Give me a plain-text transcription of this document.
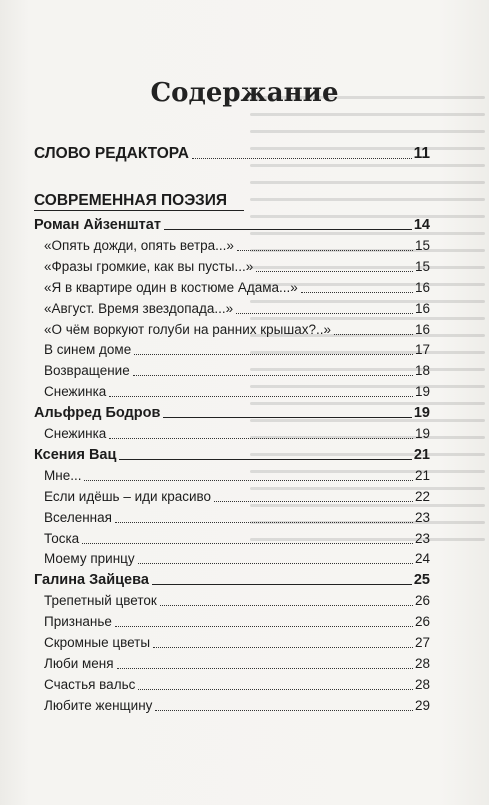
Содержание
СЛОВО РЕДАКТОРА	11
СОВРЕМЕННАЯ ПОЭЗИЯ
Роман Айзенштат	14
«Опять дожди, опять ветра...»	15
«Фразы громкие, как вы пусты...»	15
«Я в квартире один в костюме Адама...»	16
«Август. Время звездопада...»	16
«О чём воркуют голуби на ранних крышах?..»	16
В синем доме	17
Возвращение	18
Снежинка	19
Альфред Бодров	19
Снежинка	19
Ксения Вац	21
Мне...	21
Если идёшь – иди красиво	22
Вселенная	23
Тоска	23
Моему принцу	24
Галина Зайцева	25
Трепетный цветок	26
Признанье	26
Скромные цветы	27
Люби меня	28
Счастья вальс	28
Любите женщину	29
